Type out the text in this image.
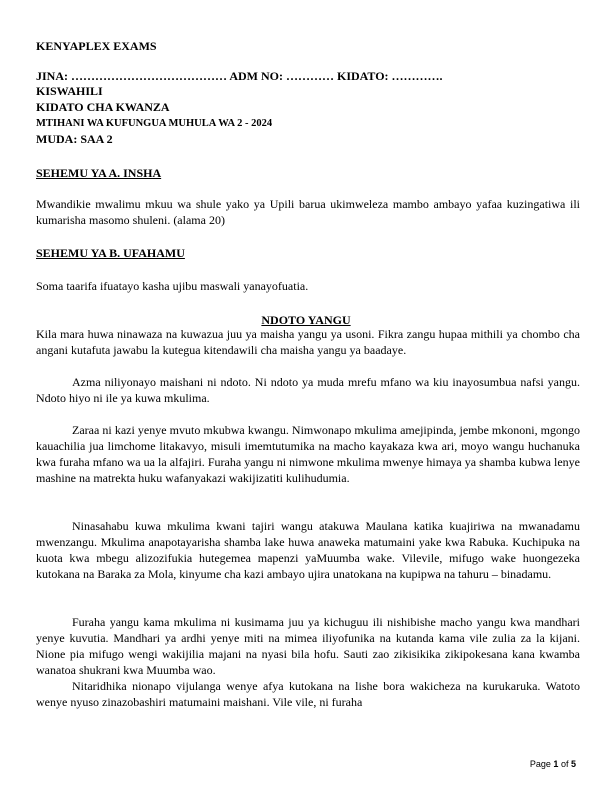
KENYAPLEX EXAMS
JINA: ………………………………… ADM NO: ………… KIDATO: ………….
KISWAHILI
KIDATO CHA KWANZA
MTIHANI WA KUFUNGUA MUHULA WA 2 - 2024
MUDA: SAA 2
SEHEMU YA A. INSHA
Mwandikie mwalimu mkuu wa shule yako ya Upili barua ukimweleza mambo ambayo yafaa kuzingatiwa ili kumarisha masomo shuleni. (alama 20)
SEHEMU YA B. UFAHAMU
Soma taarifa ifuatayo kasha ujibu maswali yanayofuatia.
NDOTO YANGU
Kila mara huwa ninawaza na kuwazua juu ya maisha yangu ya usoni. Fikra zangu hupaa mithili ya chombo cha angani kutafuta jawabu la kutegua kitendawili cha maisha yangu ya baadaye.
Azma niliyonayo maishani ni ndoto. Ni ndoto ya muda mrefu mfano wa kiu inayosumbua nafsi yangu. Ndoto hiyo ni ile ya kuwa mkulima.
Zaraa ni kazi yenye mvuto mkubwa kwangu. Nimwonapo mkulima amejipinda, jembe mkononi, mgongo kauachilia jua limchome litakavyo, misuli imemtutumika na macho kayakaza kwa ari, moyo wangu huchanuka kwa furaha mfano wa ua la alfajiri. Furaha yangu ni nimwone mkulima mwenye himaya ya shamba kubwa lenye mashine na matrekta huku wafanyakazi wakijizatiti kulihudumia.
Ninasahabu kuwa mkulima kwani tajiri wangu atakuwa Maulana katika kuajiriwa na mwanadamu mwenzangu. Mkulima anapotayarisha shamba lake huwa anaweka matumaini yake kwa Rabuka. Kuchipuka na kuota kwa mbegu alizozifukia hutegemea mapenzi yaMuumba wake. Vilevile, mifugo wake huongezeka kutokana na Baraka za Mola, kinyume cha kazi ambayo ujira unatokana na kupipwa na tahuru – binadamu.
Furaha yangu kama mkulima ni kusimama juu ya kichuguu ili nishibishe macho yangu kwa mandhari yenye kuvutia. Mandhari ya ardhi yenye miti na mimea iliyofunika na kutanda kama vile zulia za la kijani. Nione pia mifugo wengi wakijilia majani na nyasi bila hofu. Sauti zao zikisikika zikipokesana kana kwamba wanatoa shukrani kwa Muumba wao.
Nitaridhika nionapo vijulanga wenye afya kutokana na lishe bora wakicheza na kurukaruka. Watoto wenye nyuso zinazobashiri matumaini maishani. Vile vile, ni furaha
Page 1 of 5
